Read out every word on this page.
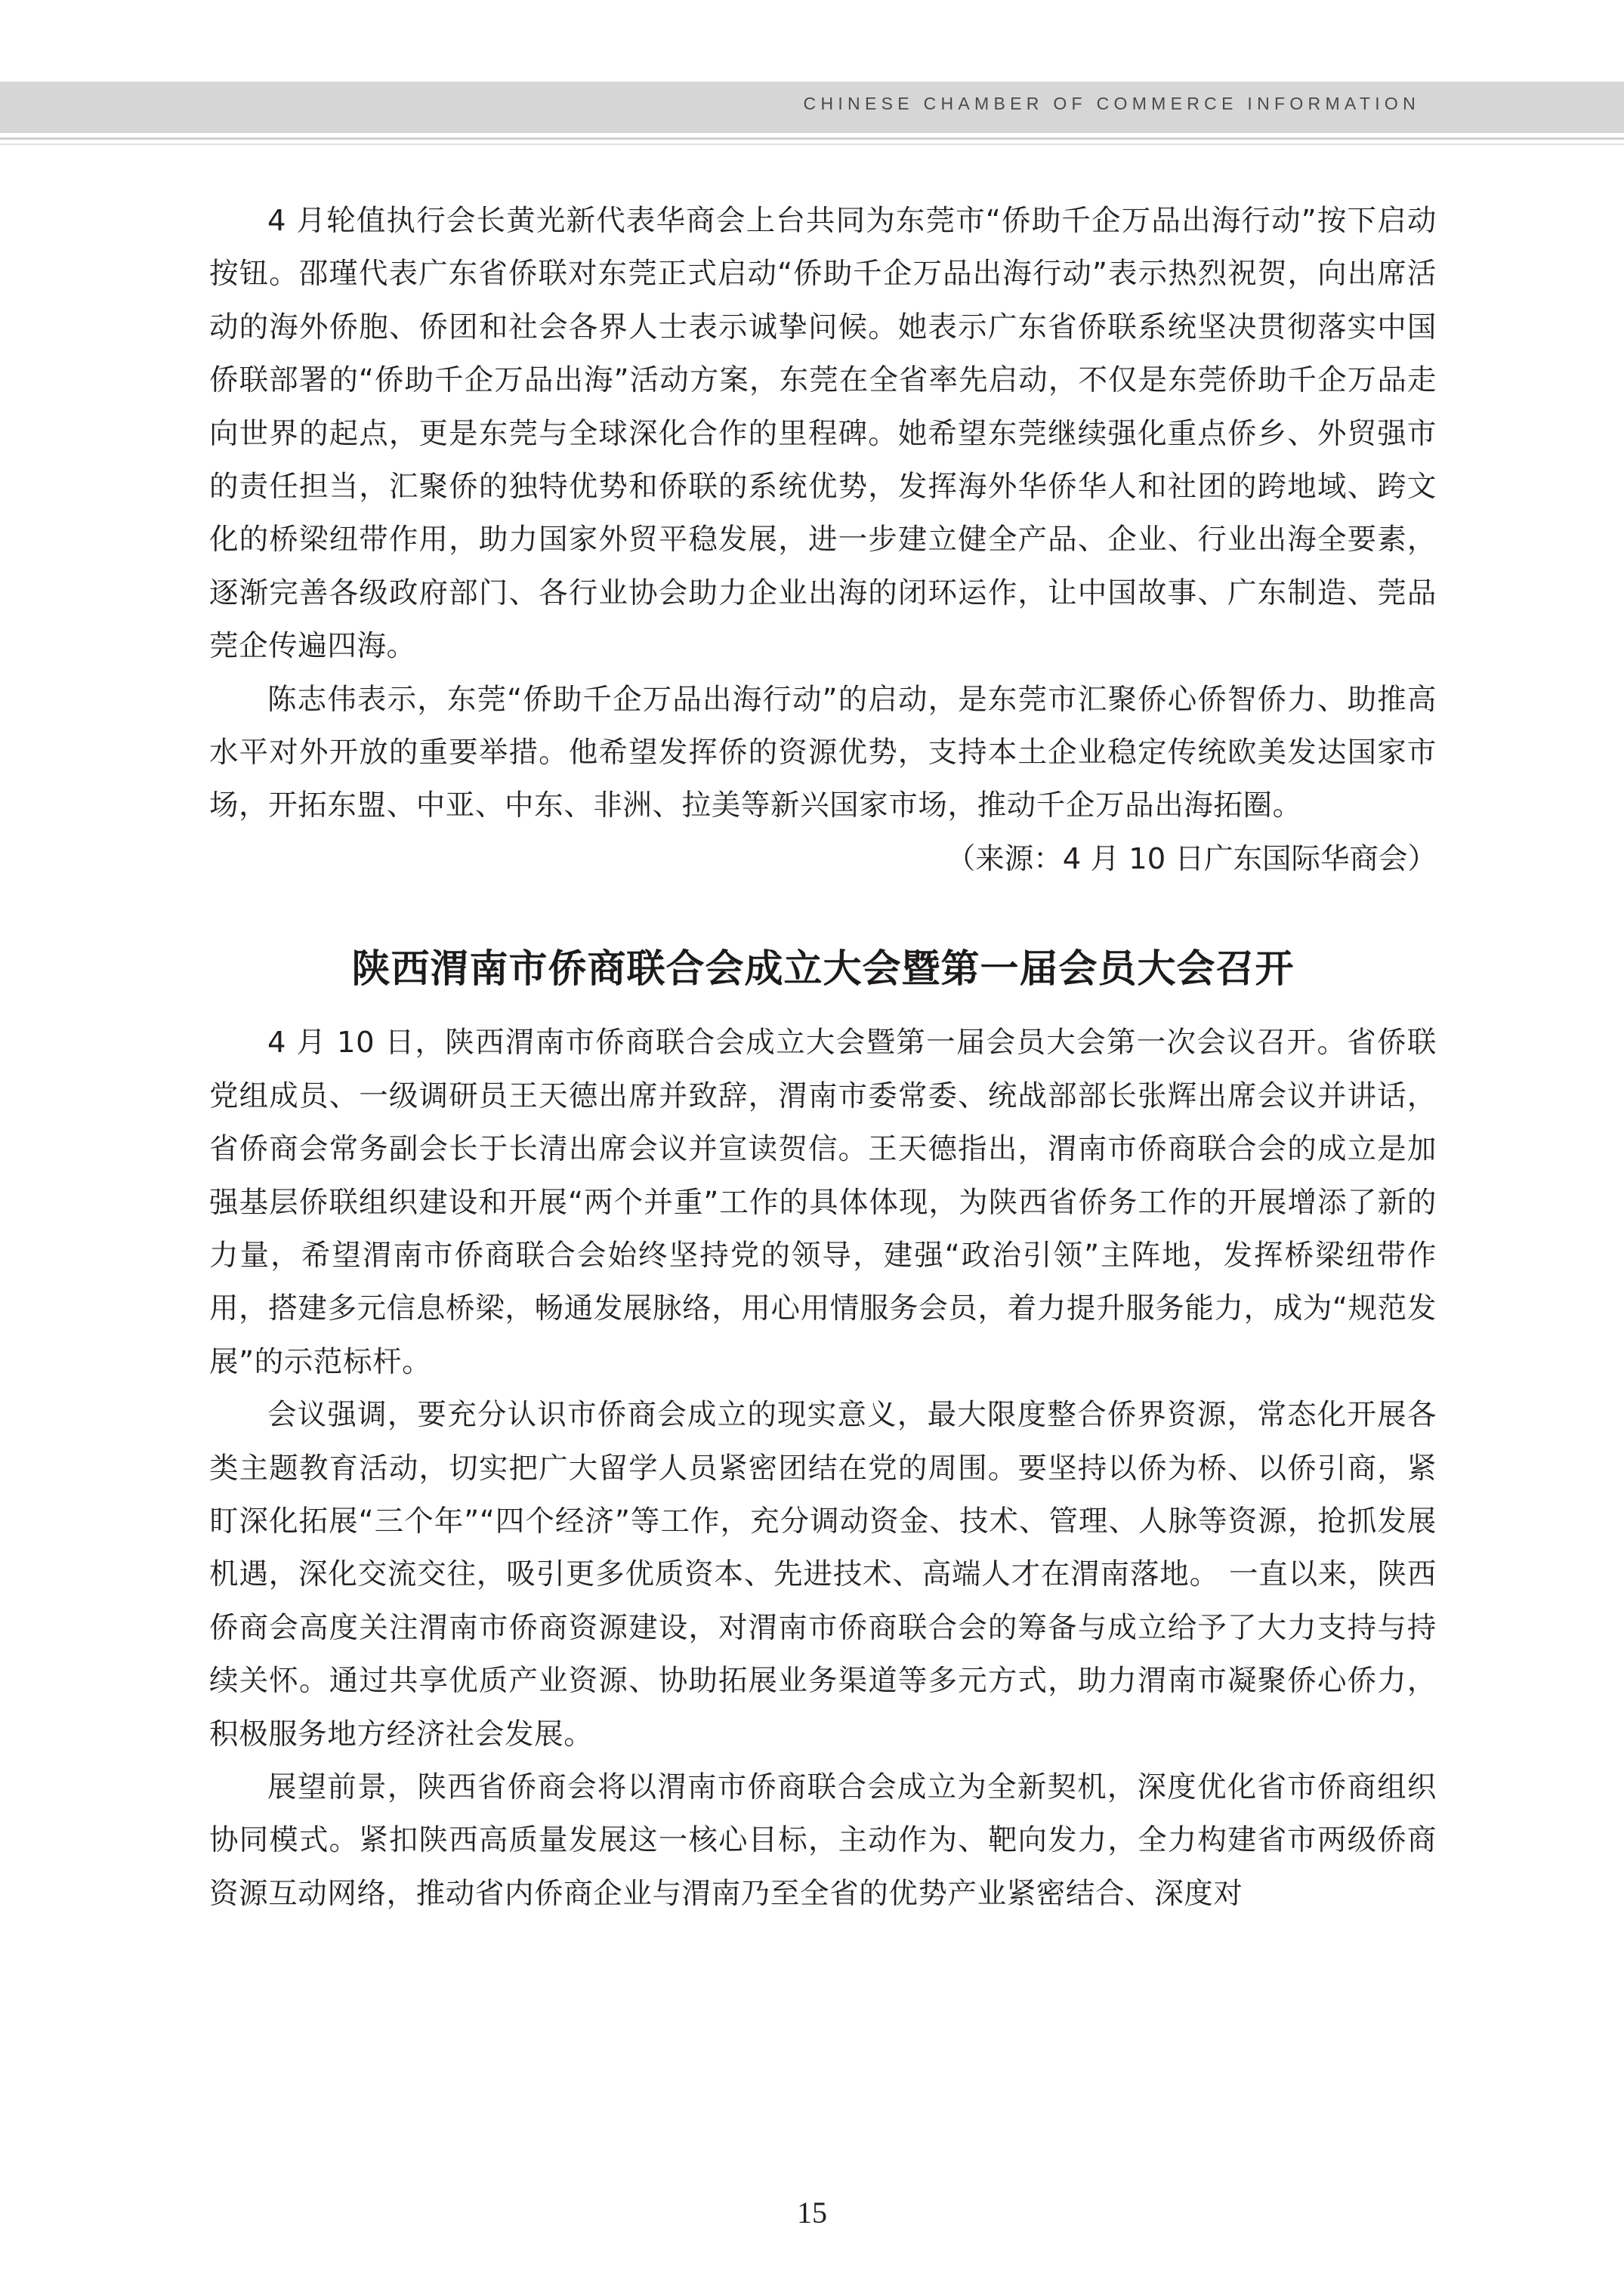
CHINESE CHAMBER OF COMMERCE INFORMATION

4 月轮值执行会长黄光新代表华商会上台共同为东莞市“侨助千企万品出海行动”按下启动按钮。邵瑾代表广东省侨联对东莞正式启动“侨助千企万品出海行动”表示热烈祝贺，向出席活动的海外侨胞、侨团和社会各界人士表示诚挚问候。她表示广东省侨联系统坚决贯彻落实中国侨联部署的“侨助千企万品出海”活动方案，东莞在全省率先启动，不仅是东莞侨助千企万品走向世界的起点，更是东莞与全球深化合作的里程碑。她希望东莞继续强化重点侨乡、外贸强市的责任担当，汇聚侨的独特优势和侨联的系统优势，发挥海外华侨华人和社团的跨地域、跨文化的桥梁纽带作用，助力国家外贸平稳发展，进一步建立健全产品、企业、行业出海全要素，逐渐完善各级政府部门、各行业协会助力企业出海的闭环运作，让中国故事、广东制造、莞品莞企传遍四海。

陈志伟表示，东莞“侨助千企万品出海行动”的启动，是东莞市汇聚侨心侨智侨力、助推高水平对外开放的重要举措。他希望发挥侨的资源优势，支持本土企业稳定传统欧美发达国家市场，开拓东盟、中亚、中东、非洲、拉美等新兴国家市场，推动千企万品出海拓圈。

（来源：4 月 10 日广东国际华商会）

陕西渭南市侨商联合会成立大会暨第一届会员大会召开

4 月 10 日，陕西渭南市侨商联合会成立大会暨第一届会员大会第一次会议召开。省侨联党组成员、一级调研员王天德出席并致辞，渭南市委常委、统战部部长张辉出席会议并讲话，省侨商会常务副会长于长清出席会议并宣读贺信。王天德指出，渭南市侨商联合会的成立是加强基层侨联组织建设和开展“两个并重”工作的具体体现，为陕西省侨务工作的开展增添了新的力量，希望渭南市侨商联合会始终坚持党的领导，建强“政治引领”主阵地，发挥桥梁纽带作用，搭建多元信息桥梁，畅通发展脉络，用心用情服务会员，着力提升服务能力，成为“规范发展”的示范标杆。

会议强调，要充分认识市侨商会成立的现实意义，最大限度整合侨界资源，常态化开展各类主题教育活动，切实把广大留学人员紧密团结在党的周围。要坚持以侨为桥、以侨引商，紧盯深化拓展“三个年”“四个经济”等工作，充分调动资金、技术、管理、人脉等资源，抢抓发展机遇，深化交流交往，吸引更多优质资本、先进技术、高端人才在渭南落地。 一直以来，陕西侨商会高度关注渭南市侨商资源建设，对渭南市侨商联合会的筹备与成立给予了大力支持与持续关怀。通过共享优质产业资源、协助拓展业务渠道等多元方式，助力渭南市凝聚侨心侨力，积极服务地方经济社会发展。

展望前景，陕西省侨商会将以渭南市侨商联合会成立为全新契机，深度优化省市侨商组织协同模式。紧扣陕西高质量发展这一核心目标，主动作为、靶向发力，全力构建省市两级侨商资源互动网络，推动省内侨商企业与渭南乃至全省的优势产业紧密结合、深度对

15
